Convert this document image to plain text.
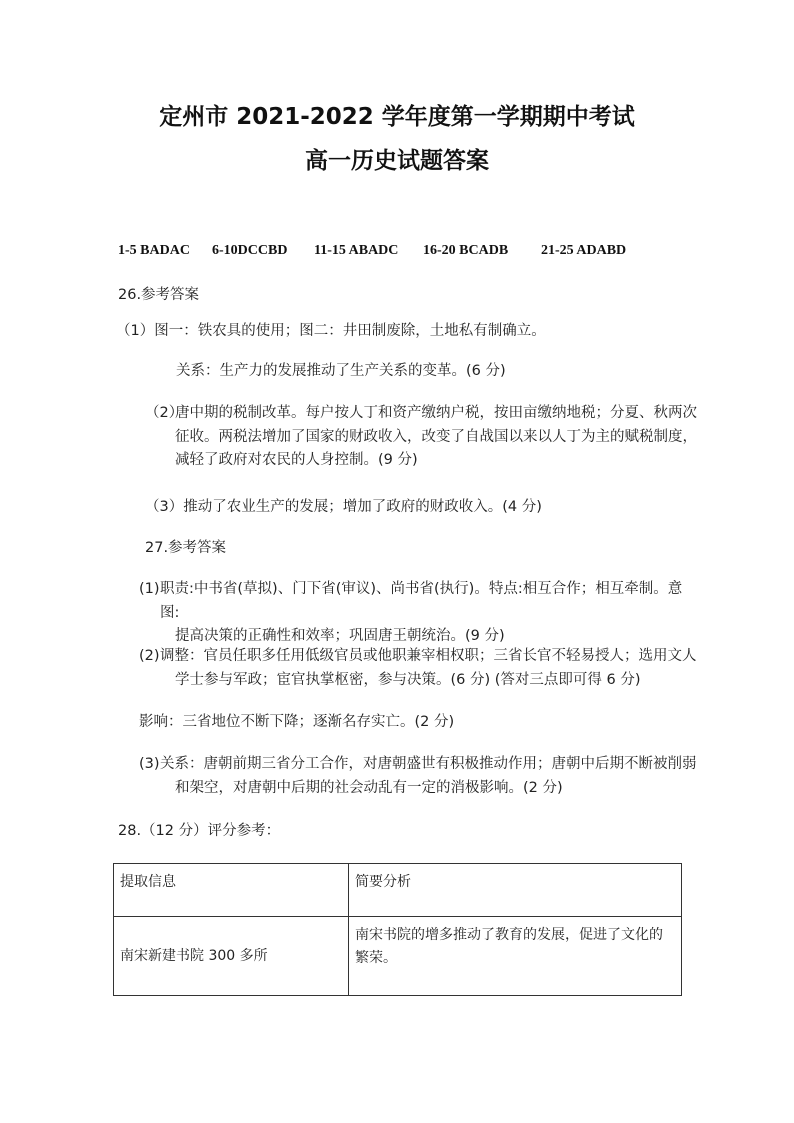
定州市 2021-2022 学年度第一学期期中考试
高一历史试题答案
1-5 BADAC 6-10DCCBD 11-15 ABADC 16-20 BCADB 21-25 ADABD
26.参考答案
（1）图一：铁农具的使用；图二：井田制废除，土地私有制确立。
关系：生产力的发展推动了生产关系的变革。(6 分)
（2）
唐中期的税制改革。每户按人丁和资产缴纳户税，按田亩缴纳地税；分夏、秋两次
征收。两税法增加了国家的财政收入，改变了自战国以来以人丁为主的赋税制度，
减轻了政府对农民的人身控制。(9 分)
（3）推动了农业生产的发展；增加了政府的财政收入。(4 分)
27.参考答案
(1) 职责:中书省(草拟)、门下省(审议)、尚书省(执行)。特点:相互合作；相互牵制。意图:
提高决策的正确性和效率；巩固唐王朝统治。(9 分)
(2) 调整：官员任职多任用低级官员或他职兼宰相权职；三省长官不轻易授人；选用文人
学士参与军政；宦官执掌枢密，参与决策。(6 分) (答对三点即可得 6 分)
影响：三省地位不断下降；逐渐名存实亡。(2 分)
(3) 关系：唐朝前期三省分工合作，对唐朝盛世有积极推动作用；唐朝中后期不断被削弱
和架空，对唐朝中后期的社会动乱有一定的消极影响。(2 分)
28.（12 分）评分参考：
提取信息	简要分析
南宋新建书院 300 多所	南宋书院的增多推动了教育的发展，促进了文化的繁荣。
